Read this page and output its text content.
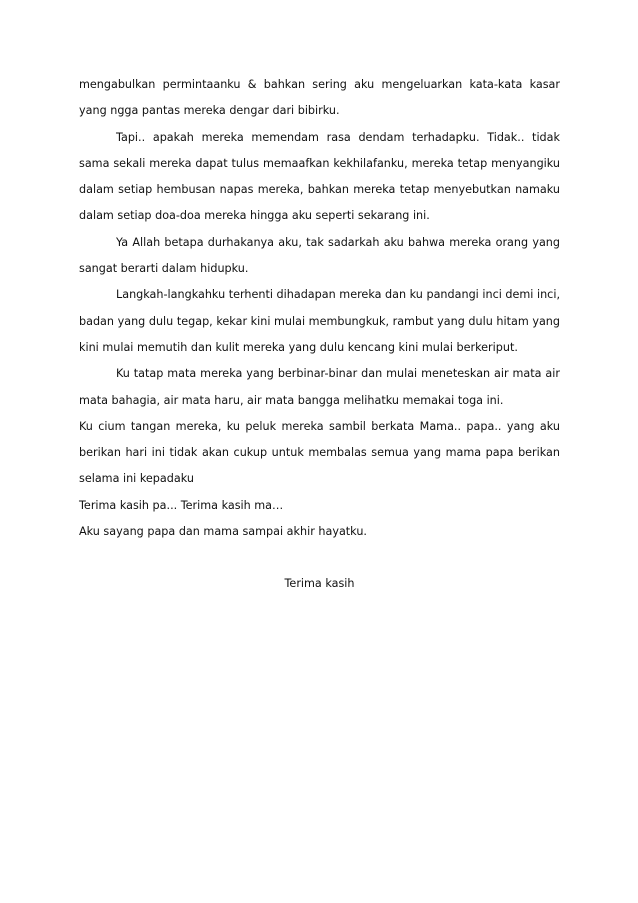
mengabulkan permintaanku & bahkan sering aku mengeluarkan kata-kata kasar yang ngga pantas mereka dengar dari bibirku.

Tapi.. apakah mereka memendam rasa dendam terhadapku. Tidak.. tidak sama sekali mereka dapat tulus memaafkan kekhilafanku, mereka tetap menyangiku dalam setiap hembusan napas mereka, bahkan mereka tetap menyebutkan namaku dalam setiap doa-doa mereka hingga aku seperti sekarang ini.

Ya Allah betapa durhakanya aku, tak sadarkah aku bahwa mereka orang yang sangat berarti dalam hidupku.

Langkah-langkahku terhenti dihadapan mereka dan ku pandangi inci demi inci, badan yang dulu tegap, kekar kini mulai membungkuk, rambut yang dulu hitam yang kini mulai memutih dan kulit mereka yang dulu kencang kini mulai berkeriput.

Ku tatap mata mereka yang berbinar-binar dan mulai meneteskan air mata air mata bahagia, air mata haru, air mata bangga melihatku memakai toga ini.

Ku cium tangan mereka, ku peluk mereka sambil berkata Mama.. papa.. yang aku berikan hari ini tidak akan cukup untuk membalas semua yang mama papa berikan selama ini kepadaku

Terima kasih pa... Terima kasih ma…

Aku sayang papa dan mama sampai akhir hayatku.

Terima kasih
